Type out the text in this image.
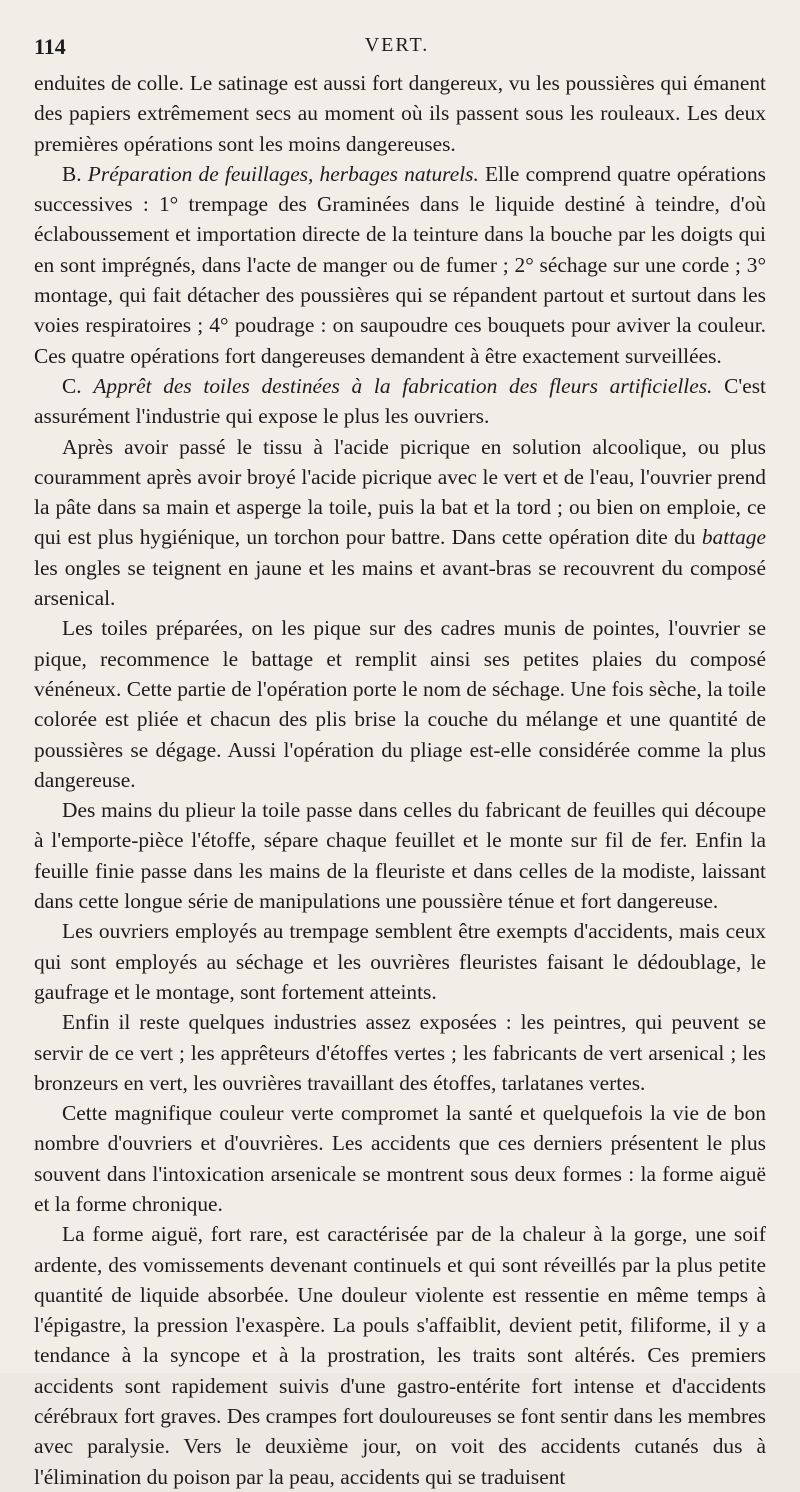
114	VERT.

enduites de colle. Le satinage est aussi fort dangereux, vu les poussières qui émanent des papiers extrêmement secs au moment où ils passent sous les rouleaux. Les deux premières opérations sont les moins dangereuses.

B. Préparation de feuillages, herbages naturels. Elle comprend quatre opérations successives : 1° trempage des Graminées dans le liquide destiné à teindre, d'où éclaboussement et importation directe de la teinture dans la bouche par les doigts qui en sont imprégnés, dans l'acte de manger ou de fumer ; 2° séchage sur une corde ; 3° montage, qui fait détacher des poussières qui se répandent partout et surtout dans les voies respiratoires ; 4° poudrage : on saupoudre ces bouquets pour aviver la couleur. Ces quatre opérations fort dangereuses demandent à être exactement surveillées.

C. Apprêt des toiles destinées à la fabrication des fleurs artificielles. C'est assurément l'industrie qui expose le plus les ouvriers.

Après avoir passé le tissu à l'acide picrique en solution alcoolique, ou plus couramment après avoir broyé l'acide picrique avec le vert et de l'eau, l'ouvrier prend la pâte dans sa main et asperge la toile, puis la bat et la tord ; ou bien on emploie, ce qui est plus hygiénique, un torchon pour battre. Dans cette opération dite du battage les ongles se teignent en jaune et les mains et avant-bras se recouvrent du composé arsenical.

Les toiles préparées, on les pique sur des cadres munis de pointes, l'ouvrier se pique, recommence le battage et remplit ainsi ses petites plaies du composé vénéneux. Cette partie de l'opération porte le nom de séchage. Une fois sèche, la toile colorée est pliée et chacun des plis brise la couche du mélange et une quantité de poussières se dégage. Aussi l'opération du pliage est-elle considérée comme la plus dangereuse.

Des mains du plieur la toile passe dans celles du fabricant de feuilles qui découpe à l'emporte-pièce l'étoffe, sépare chaque feuillet et le monte sur fil de fer. Enfin la feuille finie passe dans les mains de la fleuriste et dans celles de la modiste, laissant dans cette longue série de manipulations une poussière ténue et fort dangereuse.

Les ouvriers employés au trempage semblent être exempts d'accidents, mais ceux qui sont employés au séchage et les ouvrières fleuristes faisant le dédoublage, le gaufrage et le montage, sont fortement atteints.

Enfin il reste quelques industries assez exposées : les peintres, qui peuvent se servir de ce vert ; les apprêteurs d'étoffes vertes ; les fabricants de vert arsenical ; les bronzeurs en vert, les ouvrières travaillant des étoffes, tarlatanes vertes.

Cette magnifique couleur verte compromet la santé et quelquefois la vie de bon nombre d'ouvriers et d'ouvrières. Les accidents que ces derniers présentent le plus souvent dans l'intoxication arsenicale se montrent sous deux formes : la forme aiguë et la forme chronique.

La forme aiguë, fort rare, est caractérisée par de la chaleur à la gorge, une soif ardente, des vomissements devenant continuels et qui sont réveillés par la plus petite quantité de liquide absorbée. Une douleur violente est ressentie en même temps à l'épigastre, la pression l'exaspère. La pouls s'affaiblit, devient petit, filiforme, il y a tendance à la syncope et à la prostration, les traits sont altérés. Ces premiers accidents sont rapidement suivis d'une gastro-entérite fort intense et d'accidents cérébraux fort graves. Des crampes fort douloureuses se font sentir dans les membres avec paralysie. Vers le deuxième jour, on voit des accidents cutanés dus à l'élimination du poison par la peau, accidents qui se traduisent
